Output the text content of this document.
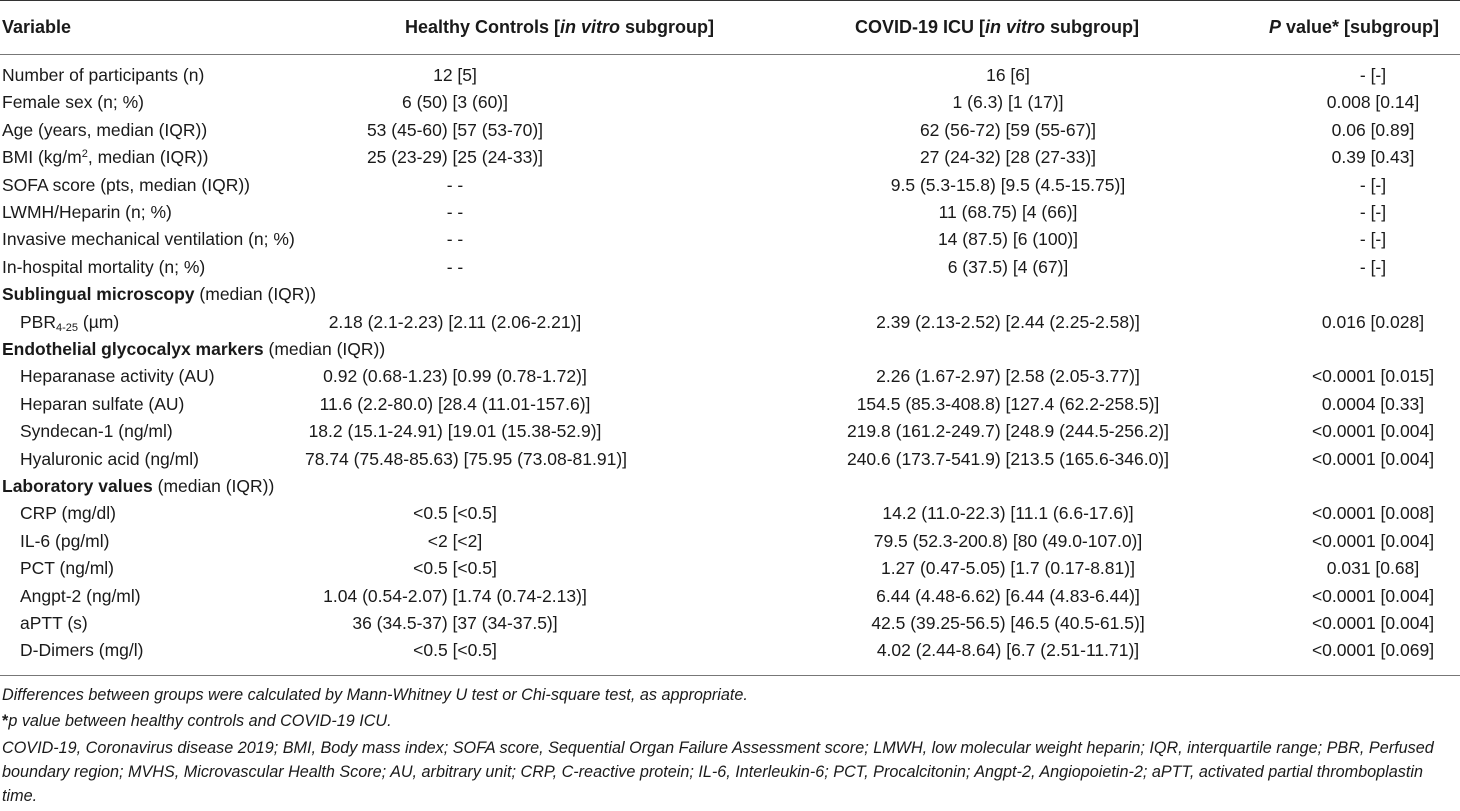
Variable	Healthy Controls [in vitro subgroup]	COVID-19 ICU [in vitro subgroup]	P value* [subgroup]
Number of participants (n)	12 [5]	16 [6]	- [-]
Female sex (n; %)	6 (50) [3 (60)]	1 (6.3) [1 (17)]	0.008 [0.14]
Age (years, median (IQR))	53 (45-60) [57 (53-70)]	62 (56-72) [59 (55-67)]	0.06 [0.89]
BMI ($kg/m^2$, median (IQR))	25 (23-29) [25 (24-33)]	27 (24-32) [28 (27-33)]	0.39 [0.43]
SOFA score (pts, median (IQR))	- -	9.5 (5.3-15.8) [9.5 (4.5-15.75)]	- [-]
LWMH/Heparin (n; %)	- -	11 (68.75) [4 (66)]	- [-]
Invasive mechanical ventilation (n; %)	- -	14 (87.5) [6 (100)]	- [-]
In-hospital mortality (n; %)	- -	6 (37.5) [4 (67)]	- [-]
Sublingual microscopy (median (IQR))
$PBR_{4-25}$ (µm)	2.18 (2.1-2.23) [2.11 (2.06-2.21)]	2.39 (2.13-2.52) [2.44 (2.25-2.58)]	0.016 [0.028]
Endothelial glycocalyx markers (median (IQR))
Heparanase activity (AU)	0.92 (0.68-1.23) [0.99 (0.78-1.72)]	2.26 (1.67-2.97) [2.58 (2.05-3.77)]	<0.0001 [0.015]
Heparan sulfate (AU)	11.6 (2.2-80.0) [28.4 (11.01-157.6)]	154.5 (85.3-408.8) [127.4 (62.2-258.5)]	0.0004 [0.33]
Syndecan-1 (ng/ml)	18.2 (15.1-24.91) [19.01 (15.38-52.9)]	219.8 (161.2-249.7) [248.9 (244.5-256.2)]	<0.0001 [0.004]
Hyaluronic acid (ng/ml)	78.74 (75.48-85.63) [75.95 (73.08-81.91)]	240.6 (173.7-541.9) [213.5 (165.6-346.0)]	<0.0001 [0.004]
Laboratory values (median (IQR))
CRP (mg/dl)	<0.5 [<0.5]	14.2 (11.0-22.3) [11.1 (6.6-17.6)]	<0.0001 [0.008]
IL-6 (pg/ml)	<2 [<2]	79.5 (52.3-200.8) [80 (49.0-107.0)]	<0.0001 [0.004]
PCT (ng/ml)	<0.5 [<0.5]	1.27 (0.47-5.05) [1.7 (0.17-8.81)]	0.031 [0.68]
Angpt-2 (ng/ml)	1.04 (0.54-2.07) [1.74 (0.74-2.13)]	6.44 (4.48-6.62) [6.44 (4.83-6.44)]	<0.0001 [0.004]
aPTT (s)	36 (34.5-37) [37 (34-37.5)]	42.5 (39.25-56.5) [46.5 (40.5-61.5)]	<0.0001 [0.004]
D-Dimers (mg/l)	<0.5 [<0.5]	4.02 (2.44-8.64) [6.7 (2.51-11.71)]	<0.0001 [0.069]
Differences between groups were calculated by Mann-Whitney U test or Chi-square test, as appropriate.
*p value between healthy controls and COVID-19 ICU.
COVID-19, Coronavirus disease 2019; BMI, Body mass index; SOFA score, Sequential Organ Failure Assessment score; LMWH, low molecular weight heparin; IQR, interquartile range; PBR, Perfused boundary region; MVHS, Microvascular Health Score; AU, arbitrary unit; CRP, C-reactive protein; IL-6, Interleukin-6; PCT, Procalcitonin; Angpt-2, Angiopoietin-2; aPTT, activated partial thromboplastin time.
